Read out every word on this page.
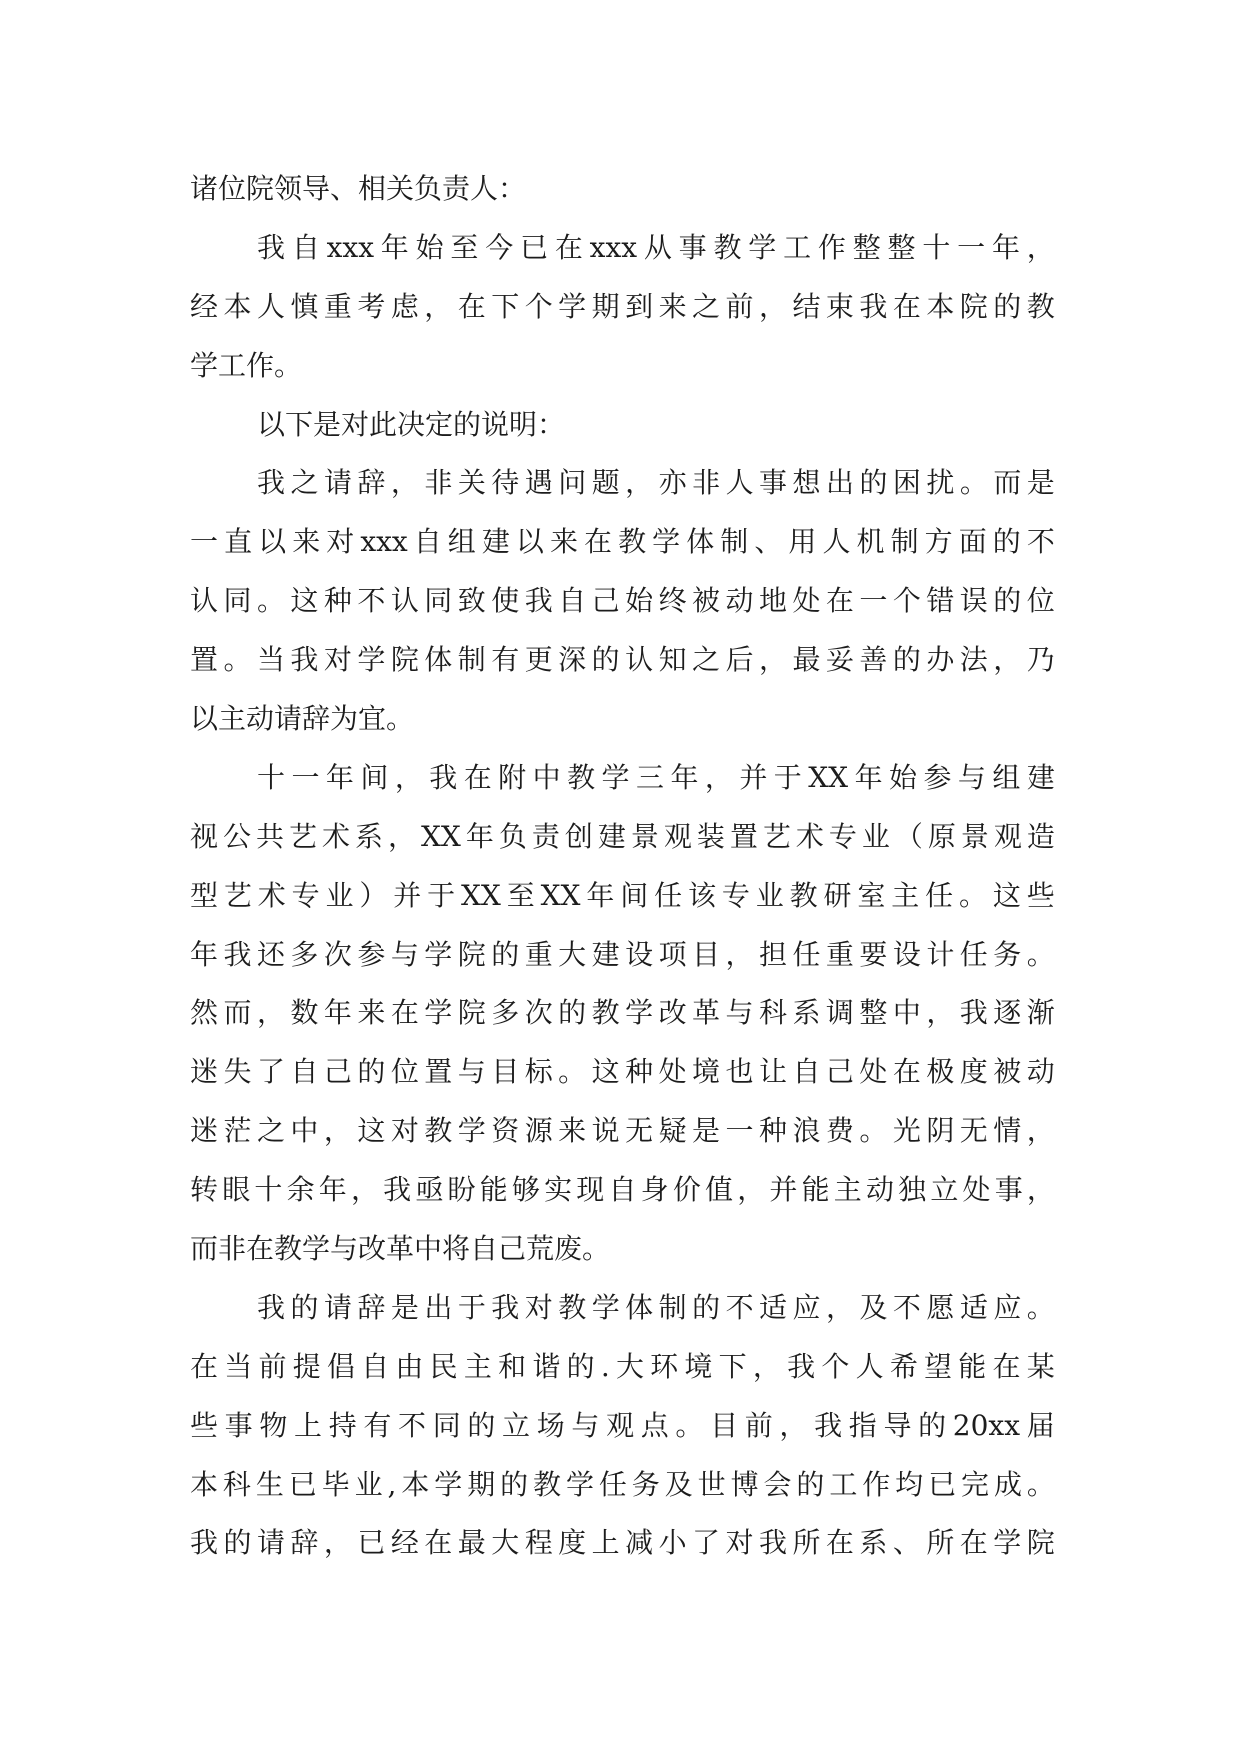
诸位院领导、相关负责人：
我 自 xxx 年 始 至 今 已 在 xxx 从 事 教 学 工 作 整 整 十 一 年 ，
经 本 人 慎 重 考 虑 ， 在 下 个 学 期 到 来 之 前 ， 结 束 我 在 本 院 的 教
学工作。
以下是对此决定的说明：
我 之 请 辞 ， 非 关 待 遇 问 题 ， 亦 非 人 事 想 出 的 困 扰 。 而 是
一 直 以 来 对 xxx 自 组 建 以 来 在 教 学 体 制 、 用 人 机 制 方 面 的 不
认 同 。 这 种 不 认 同 致 使 我 自 己 始 终 被 动 地 处 在 一 个 错 误 的 位
置 。 当 我 对 学 院 体 制 有 更 深 的 认 知 之 后 ， 最 妥 善 的 办 法 ， 乃
以主动请辞为宜。
十 一 年 间 ， 我 在 附 中 教 学 三 年 ， 并 于 XX 年 始 参 与 组 建
视 公 共 艺 术 系 ， XX 年 负 责 创 建 景 观 装 置 艺 术 专 业 （ 原 景 观 造
型 艺 术 专 业 ） 并 于 XX 至 XX 年 间 任 该 专 业 教 研 室 主 任 。 这 些
年 我 还 多 次 参 与 学 院 的 重 大 建 设 项 目 ， 担 任 重 要 设 计 任 务 。
然 而 ， 数 年 来 在 学 院 多 次 的 教 学 改 革 与 科 系 调 整 中 ， 我 逐 渐
迷 失 了 自 己 的 位 置 与 目 标 。 这 种 处 境 也 让 自 己 处 在 极 度 被 动
迷 茫 之 中 ， 这 对 教 学 资 源 来 说 无 疑 是 一 种 浪 费 。 光 阴 无 情 ，
转 眼 十 余 年 ， 我 亟 盼 能 够 实 现 自 身 价 值 ， 并 能 主 动 独 立 处 事 ，
而非在教学与改革中将自己荒废。
我 的 请 辞 是 出 于 我 对 教 学 体 制 的 不 适 应 ， 及 不 愿 适 应 。
在 当 前 提 倡 自 由 民 主 和 谐 的 . 大 环 境 下 ， 我 个 人 希 望 能 在 某
些 事 物 上 持 有 不 同 的 立 场 与 观 点 。 目 前 ， 我 指 导 的 20xx 届
本 科 生 已 毕 业 , 本 学 期 的 教 学 任 务 及 世 博 会 的 工 作 均 已 完 成 。
我 的 请 辞 ， 已 经 在 最 大 程 度 上 减 小 了 对 我 所 在 系 、 所 在 学 院
